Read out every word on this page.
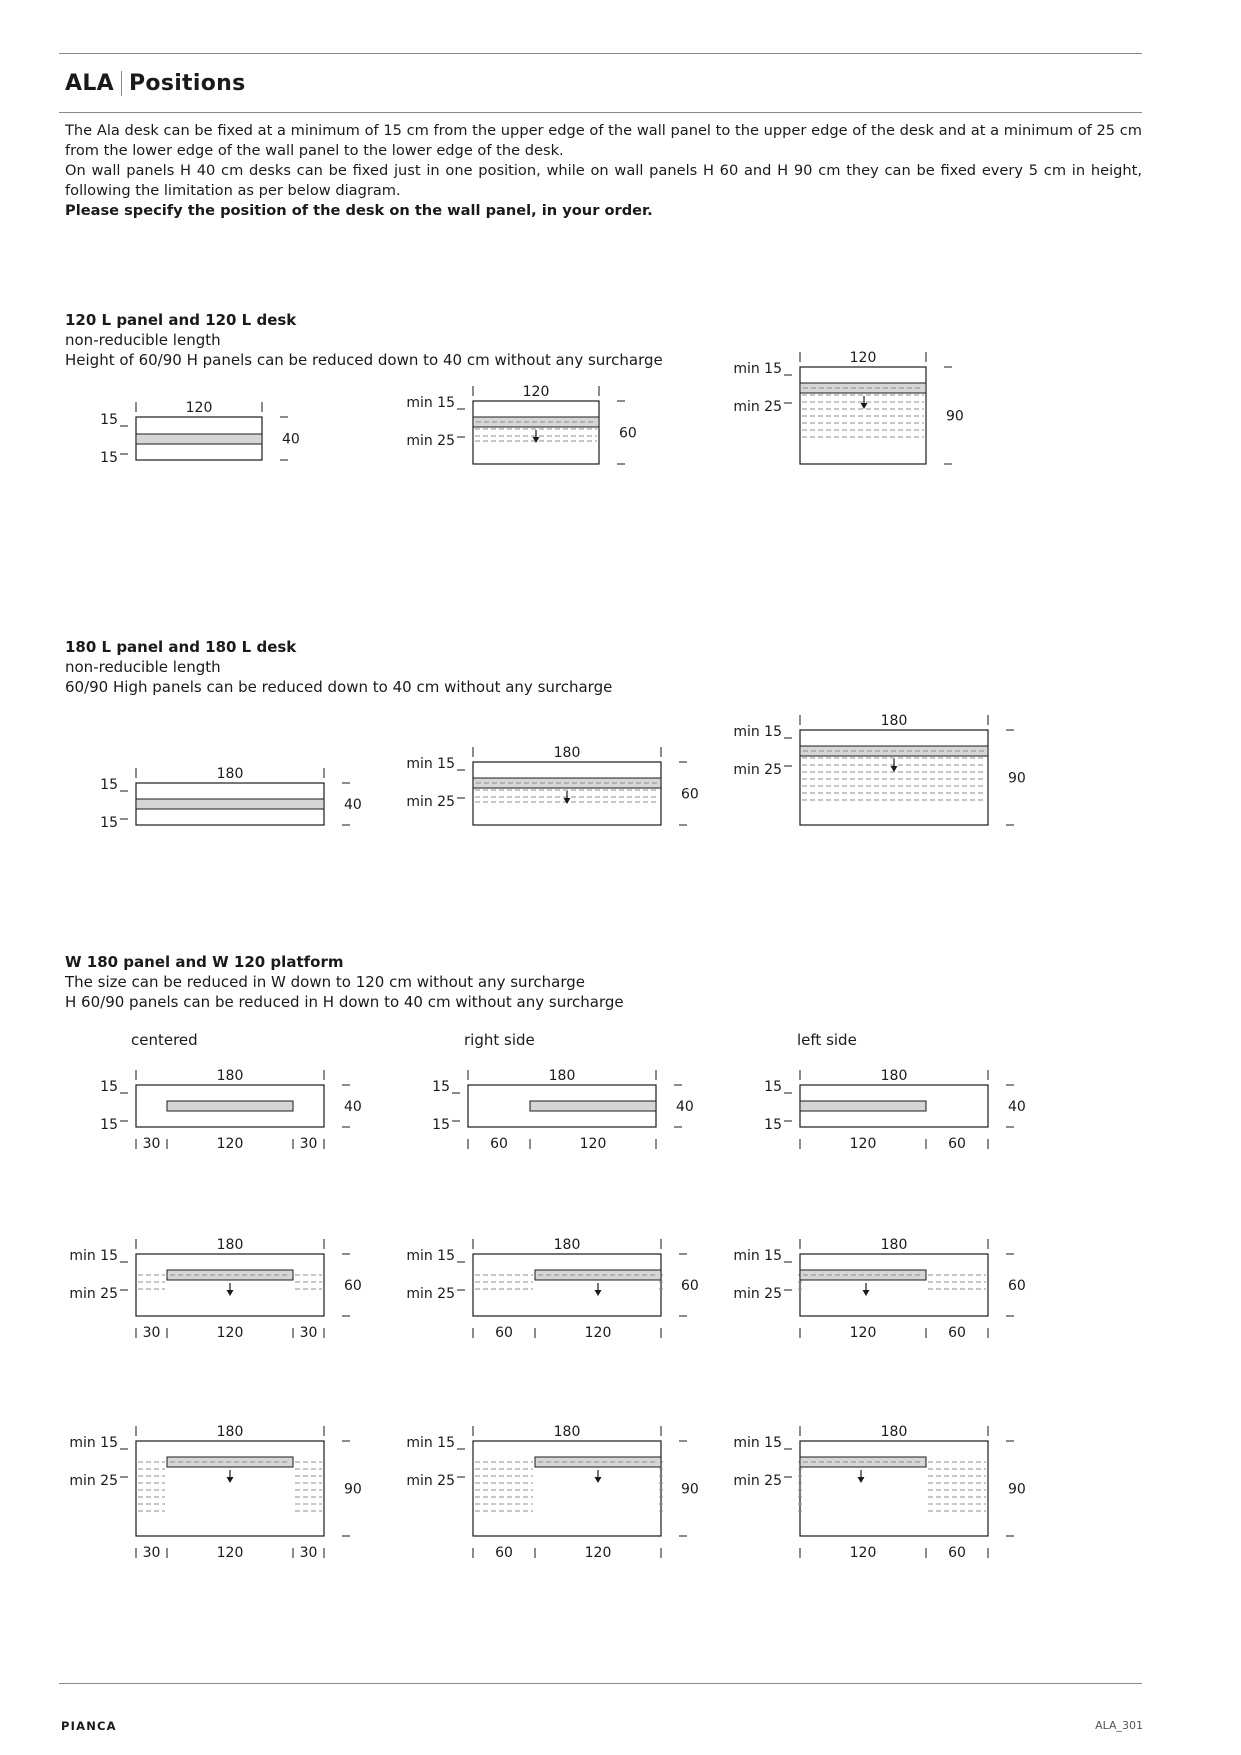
ALA Positions

The Ala desk can be fixed at a minimum of 15 cm from the upper edge of the wall panel to the upper edge of the desk and at a minimum of 25 cm from the lower edge of the wall panel to the lower edge of the desk.

On wall panels H 40 cm desks can be fixed just in one position, while on wall panels H 60 and H 90 cm they can be fixed every 5 cm in height, following the limitation as per below diagram.

Please specify the position of the desk on the wall panel, in your order.

120 L panel and 120 L desk
non-reducible length
Height of 60/90 H panels can be reduced down to 40 cm without any surcharge
180 L panel and 180 L desk
non-reducible length
60/90 High panels can be reduced down to 40 cm without any surcharge
W 180 panel and W 120 platform
The size can be reduced in W down to 120 cm without any surcharge
H 60/90 panels can be reduced in H down to 40 cm without any surcharge
centered	right side	left side
120
40
15
15
120
60
min 15
min 25
120
90
min 15
min 25
180
40
15
15
180
60
min 15
min 25
180
90
min 15
min 25
180
40
15
15
30	120	30
180
40
15
15
60	120
180
40
15
15
120	60
180
60
min 15
min 25
30	120	30
180
60
min 15
min 25
60	120
180
60
min 15
min 25
120	60
180
90
min 15
min 25
30	120	30
180
90
min 15
min 25
60	120
180
90
min 15
min 25
120	60
PIANCA	ALA_301
